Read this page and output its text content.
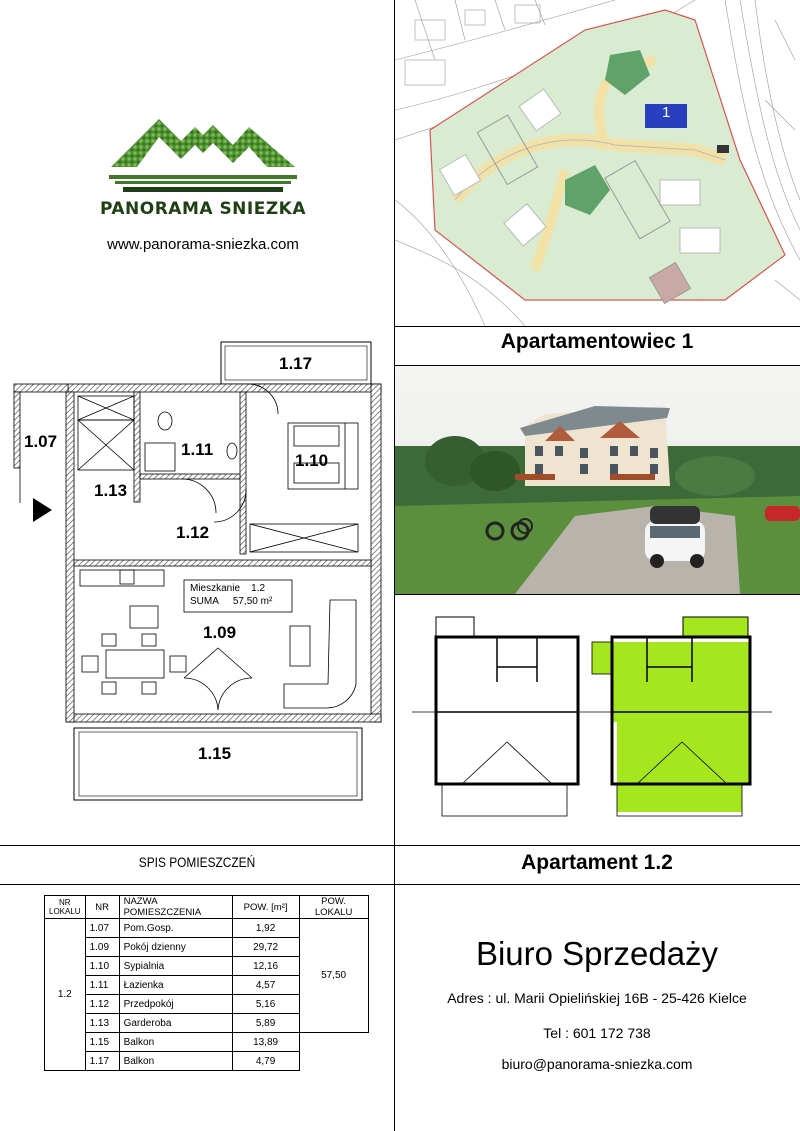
PANORAMA SNIEZKA
www.panorama-sniezka.com
1
Apartamentowiec 1
Mieszkanie 1.2
SUMA 57,50 m²
1.07
1.13
1.11
1.10
1.12
1.17
1.09
1.15
SPIS POMIESZCZEŃ	Apartament 1.2
NR LOKALU	NR	NAZWA POMIESZCZENIA	POW. [m²]	POW. LOKALU
1.2	1.07	Pom.Gosp.	1,92	57,50
	1.09	Pokój dzienny	29,72	
	1.10	Sypialnia	12,16	
	1.11	Łazienka	4,57	
	1.12	Przedpokój	5,16	
	1.13	Garderoba	5,89	
	1.15	Balkon	13,89	
	1.17	Balkon	4,79	
Biuro Sprzedaży
Adres : ul. Marii Opielińskiej 16B - 25-426 Kielce
Tel : 601 172 738
biuro@panorama-sniezka.com
